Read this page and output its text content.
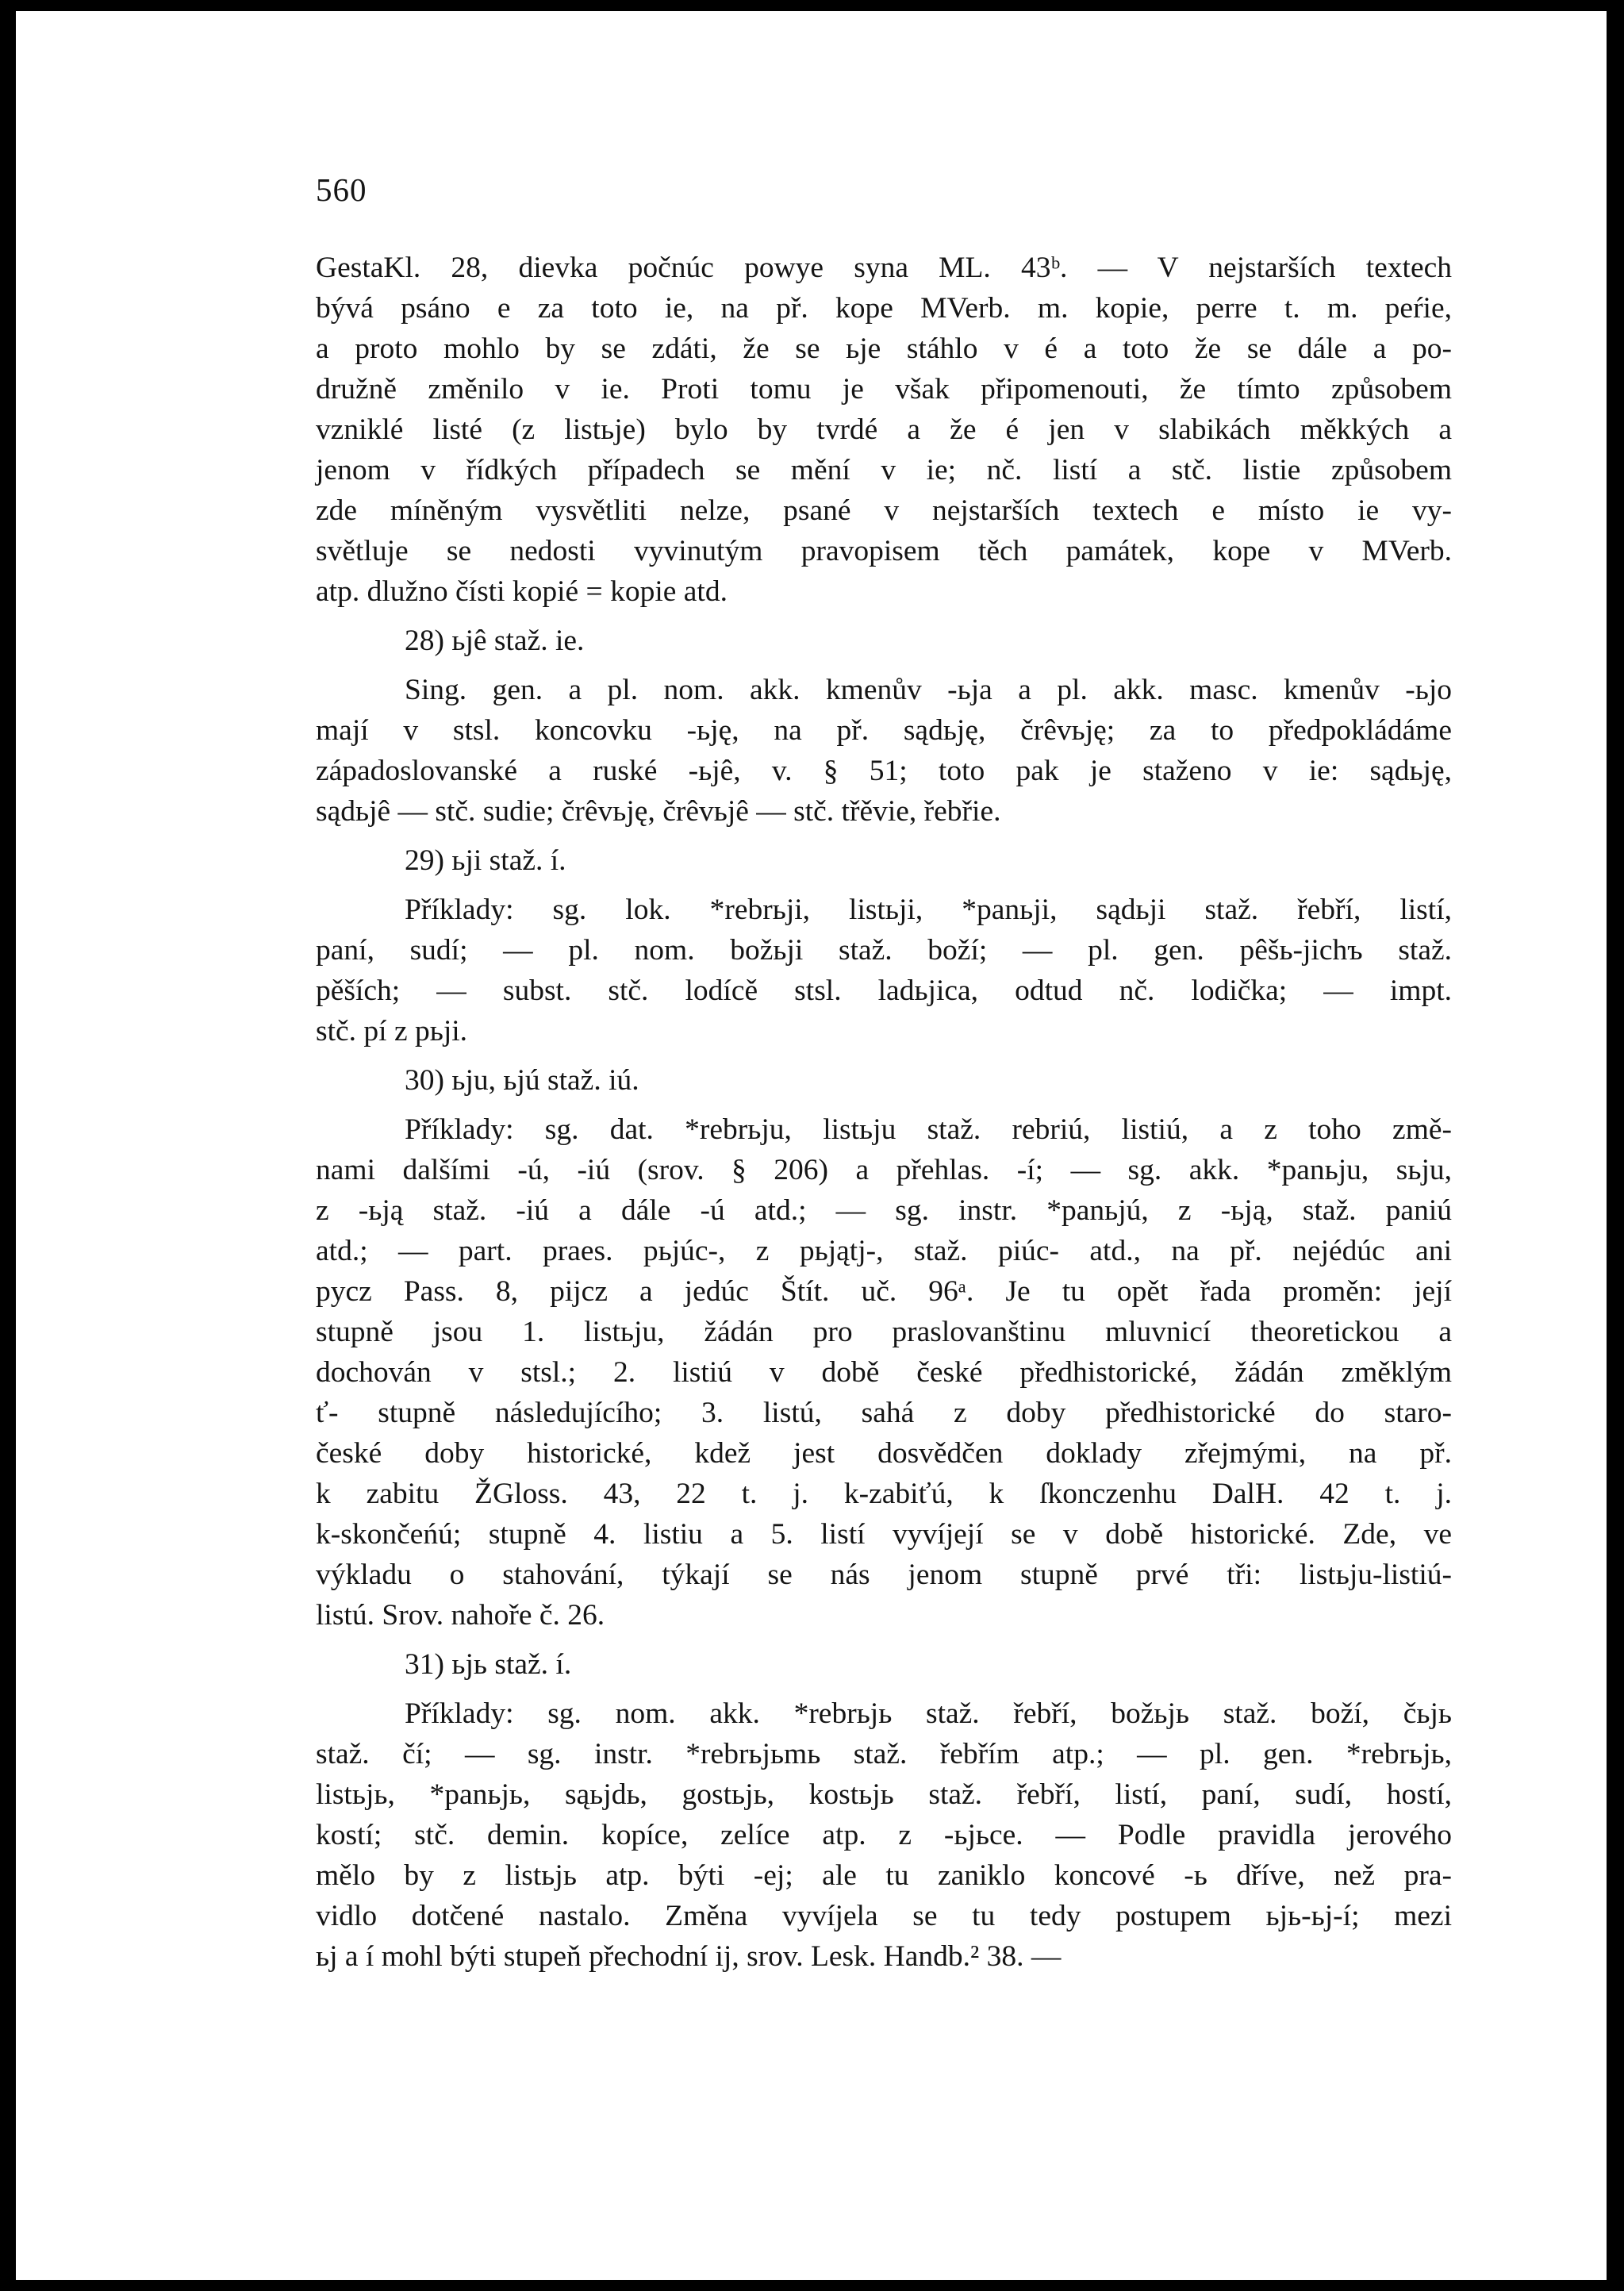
560
GestaKl. 28, dievka počnúc powye syna ML. 43ᵇ. — V nejstarších textech
bývá psáno e za toto ie, na př. kope MVerb. m. kopie, perre t. m. peŕie,
a proto mohlo by se zdáti, že se ьje stáhlo v é a toto že se dále a po-
družně změnilo v ie. Proti tomu je však připomenouti, že tímto způsobem
vzniklé listé (z listьje) bylo by tvrdé a že é jen v slabikách měkkých a
jenom v řídkých případech se mění v ie; nč. listí a stč. listie způsobem
zde míněným vysvětliti nelze, psané v nejstarších textech e místo ie vy-
světluje se nedosti vyvinutým pravopisem těch památek, kope v MVerb.
atp. dlužno čísti kopié = kopie atd.
28) ьjê staž. ie.
Sing. gen. a pl. nom. akk. kmenův -ьja a pl. akk. masc. kmenův -ьjo
mají v stsl. koncovku -ьję, na př. sądьję, črêvьję; za to předpokládáme
západoslovanské a ruské -ьjê, v. § 51; toto pak je staženo v ie: sądьję,
sądьjê — stč. sudie; črêvьję, črêvьjê — stč. třěvie, řebřie.
29) ьji staž. í.
Příklady: sg. lok. *rebrьji, listьji, *panьji, sądьji staž. řebří, listí,
paní, sudí; — pl. nom. božьji staž. boží; — pl. gen. pêšь-jichъ staž.
pěších; — subst. stč. lodícě stsl. ladьjica, odtud nč. lodička; — impt.
stč. pí z pьji.
30) ьju, ьjú staž. iú.
Příklady: sg. dat. *rebrьju, listьju staž. rebriú, listiú, a z toho změ-
nami dalšími -ú, -iú (srov. § 206) a přehlas. -í; — sg. akk. *panьju, sьju,
z -ьją staž. -iú a dále -ú atd.; — sg. instr. *panьjú, z -ьją, staž. paniú
atd.; — part. praes. pьjúc-, z pьjątj-, staž. piúc- atd., na př. nejédúc ani
pycz Pass. 8, pijcz a jedúc Štít. uč. 96ᵃ. Je tu opět řada proměn: její
stupně jsou 1. listьju, žádán pro praslovanštinu mluvnicí theoretickou a
dochován v stsl.; 2. listiú v době české předhistorické, žádán změklým
ť- stupně následujícího; 3. listú, sahá z doby předhistorické do staro-
české doby historické, kdež jest dosvědčen doklady zřejmými, na př.
k zabitu ŽGloss. 43, 22 t. j. k-zabiťú, k ſkonczenhu DalH. 42 t. j.
k-skončeńú; stupně 4. listiu a 5. listí vyvíjejí se v době historické. Zde, ve
výkladu o stahování, týkají se nás jenom stupně prvé tři: listьju-listiú-
listú. Srov. nahoře č. 26.
31) ьjь staž. í.
Příklady: sg. nom. akk. *rebrьjь staž. řebří, božьjь staž. boží, čьjь
staž. čí; — sg. instr. *rebrьjьmь staž. řebřím atp.; — pl. gen. *rebrьjь,
listьjь, *panьjь, sąьjdь, gostьjь, kostьjь staž. řebří, listí, paní, sudí, hostí,
kostí; stč. demin. kopíce, zelíce atp. z -ьjьce. — Podle pravidla jerového
mělo by z listьjь atp. býti -ej; ale tu zaniklo koncové -ь dříve, než pra-
vidlo dotčené nastalo. Změna vyvíjela se tu tedy postupem ьjь-ьj-í; mezi
ьj a í mohl býti stupeň přechodní ij, srov. Lesk. Handb.² 38. —
